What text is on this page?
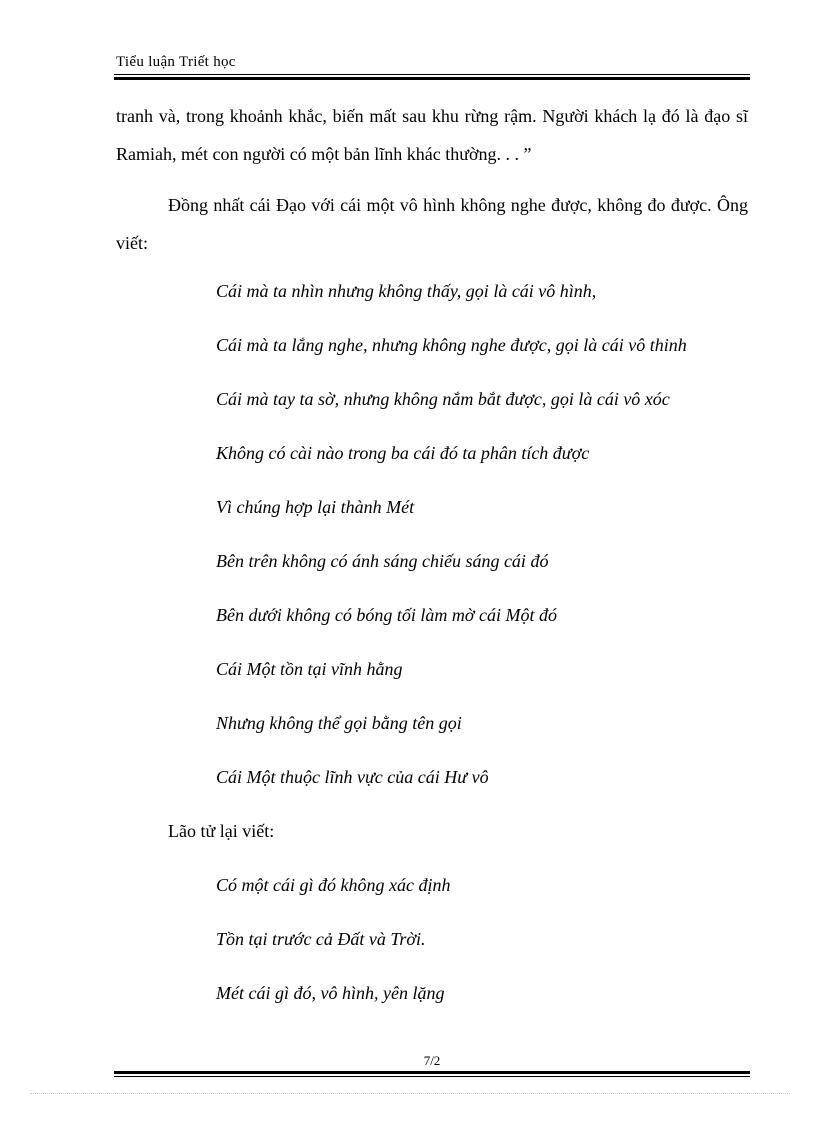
Tiểu luận Triết học
tranh và, trong khoảnh khắc, biến mất sau khu rừng rậm. Người khách lạ đó là đạo sĩ Ramiah, mét con người có một bản lĩnh khác thường. . . ”
Đồng nhất cái Đạo với cái một vô hình không nghe được, không đo được. Ông viết:
Cái mà ta nhìn nhưng không thấy, gọi là cái vô hình,
Cái mà ta lắng nghe, nhưng không nghe được, gọi là cái vô thinh
Cái mà tay ta sờ, nhưng không nắm bắt được, gọi là cái vô xóc
Không có cài nào trong ba cái đó ta phân tích được
Vì chúng hợp lại thành Mét
Bên trên không có ánh sáng chiếu sáng cái đó
Bên dưới không có bóng tối làm mờ cái Một đó
Cái Một tồn tại vĩnh hằng
Nhưng không thể gọi bằng tên gọi
Cái Một thuộc lĩnh vực của cái Hư vô
Lão tử lại viết:
Có một cái gì đó không xác định
Tồn tại trước cả Đất và Trời.
Mét cái gì đó, vô hình, yên lặng
7/2
